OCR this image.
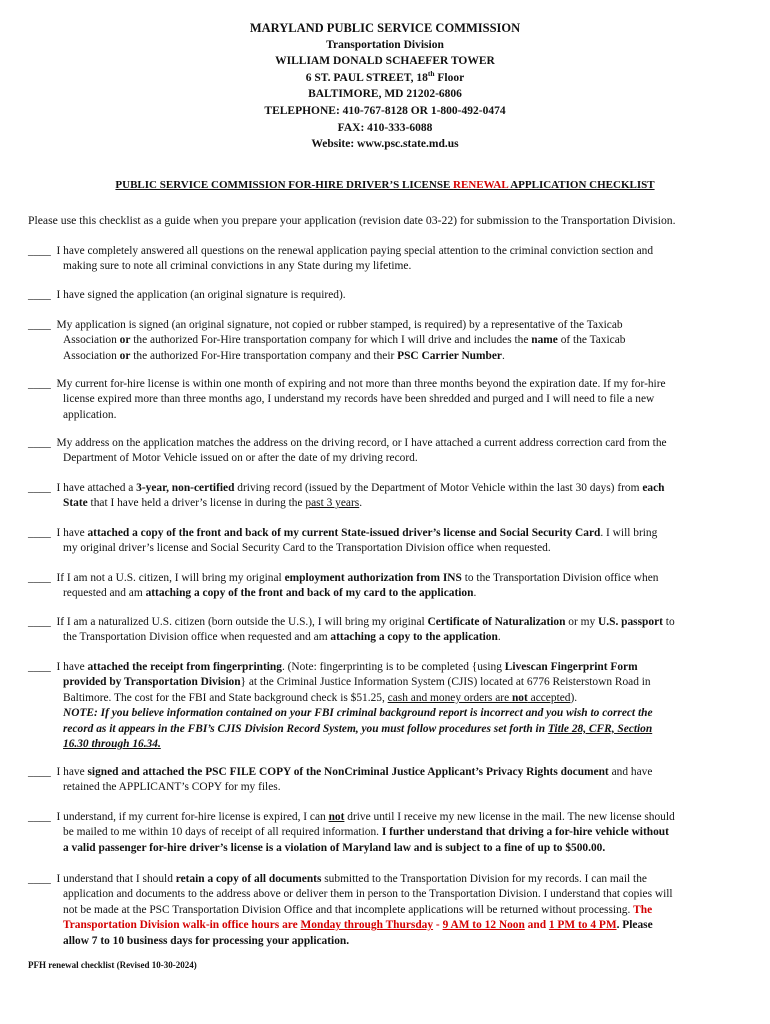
MARYLAND PUBLIC SERVICE COMMISSION
Transportation Division
WILLIAM DONALD SCHAEFER TOWER
6 ST. PAUL STREET, 18th Floor
BALTIMORE, MD 21202-6806
TELEPHONE: 410-767-8128 OR 1-800-492-0474
FAX: 410-333-6088
Website: www.psc.state.md.us
PUBLIC SERVICE COMMISSION FOR-HIRE DRIVER’S LICENSE RENEWAL APPLICATION CHECKLIST
Please use this checklist as a guide when you prepare your application (revision date 03-22) for submission to the Transportation Division.
____ I have completely answered all questions on the renewal application paying special attention to the criminal conviction section and
making sure to note all criminal convictions in any State during my lifetime.
____ I have signed the application (an original signature is required).
____ My application is signed (an original signature, not copied or rubber stamped, is required) by a representative of the Taxicab
Association or the authorized For-Hire transportation company for which I will drive and includes the name of the Taxicab
Association or the authorized For-Hire transportation company and their PSC Carrier Number.
____ My current for-hire license is within one month of expiring and not more than three months beyond the expiration date. If my for-hire
license expired more than three months ago, I understand my records have been shredded and purged and I will need to file a new
application.
____ My address on the application matches the address on the driving record, or I have attached a current address correction card from the
Department of Motor Vehicle issued on or after the date of my driving record.
____ I have attached a 3-year, non-certified driving record (issued by the Department of Motor Vehicle within the last 30 days) from each
State that I have held a driver’s license in during the past 3 years.
____ I have attached a copy of the front and back of my current State-issued driver’s license and Social Security Card. I will bring
my original driver’s license and Social Security Card to the Transportation Division office when requested.
____ If I am not a U.S. citizen, I will bring my original employment authorization from INS to the Transportation Division office when
requested and am attaching a copy of the front and back of my card to the application.
____ If I am a naturalized U.S. citizen (born outside the U.S.), I will bring my original Certificate of Naturalization or my U.S. passport to
the Transportation Division office when requested and am attaching a copy to the application.
____ I have attached the receipt from fingerprinting. (Note: fingerprinting is to be completed {using Livescan Fingerprint Form
provided by Transportation Division} at the Criminal Justice Information System (CJIS) located at 6776 Reisterstown Road in
Baltimore. The cost for the FBI and State background check is $51.25, cash and money orders are not accepted).
NOTE: If you believe information contained on your FBI criminal background report is incorrect and you wish to correct the
record as it appears in the FBI’s CJIS Division Record System, you must follow procedures set forth in Title 28, CFR, Section
16.30 through 16.34.
____ I have signed and attached the PSC FILE COPY of the NonCriminal Justice Applicant’s Privacy Rights document and have
retained the APPLICANT’s COPY for my files.
____ I understand, if my current for-hire license is expired, I can not drive until I receive my new license in the mail. The new license should
be mailed to me within 10 days of receipt of all required information. I further understand that driving a for-hire vehicle without
a valid passenger for-hire driver’s license is a violation of Maryland law and is subject to a fine of up to $500.00.
____ I understand that I should retain a copy of all documents submitted to the Transportation Division for my records. I can mail the
application and documents to the address above or deliver them in person to the Transportation Division. I understand that copies will
not be made at the PSC Transportation Division Office and that incomplete applications will be returned without processing. The
Transportation Division walk-in office hours are Monday through Thursday - 9 AM to 12 Noon and 1 PM to 4 PM. Please
allow 7 to 10 business days for processing your application.
PFH renewal checklist (Revised 10-30-2024)
